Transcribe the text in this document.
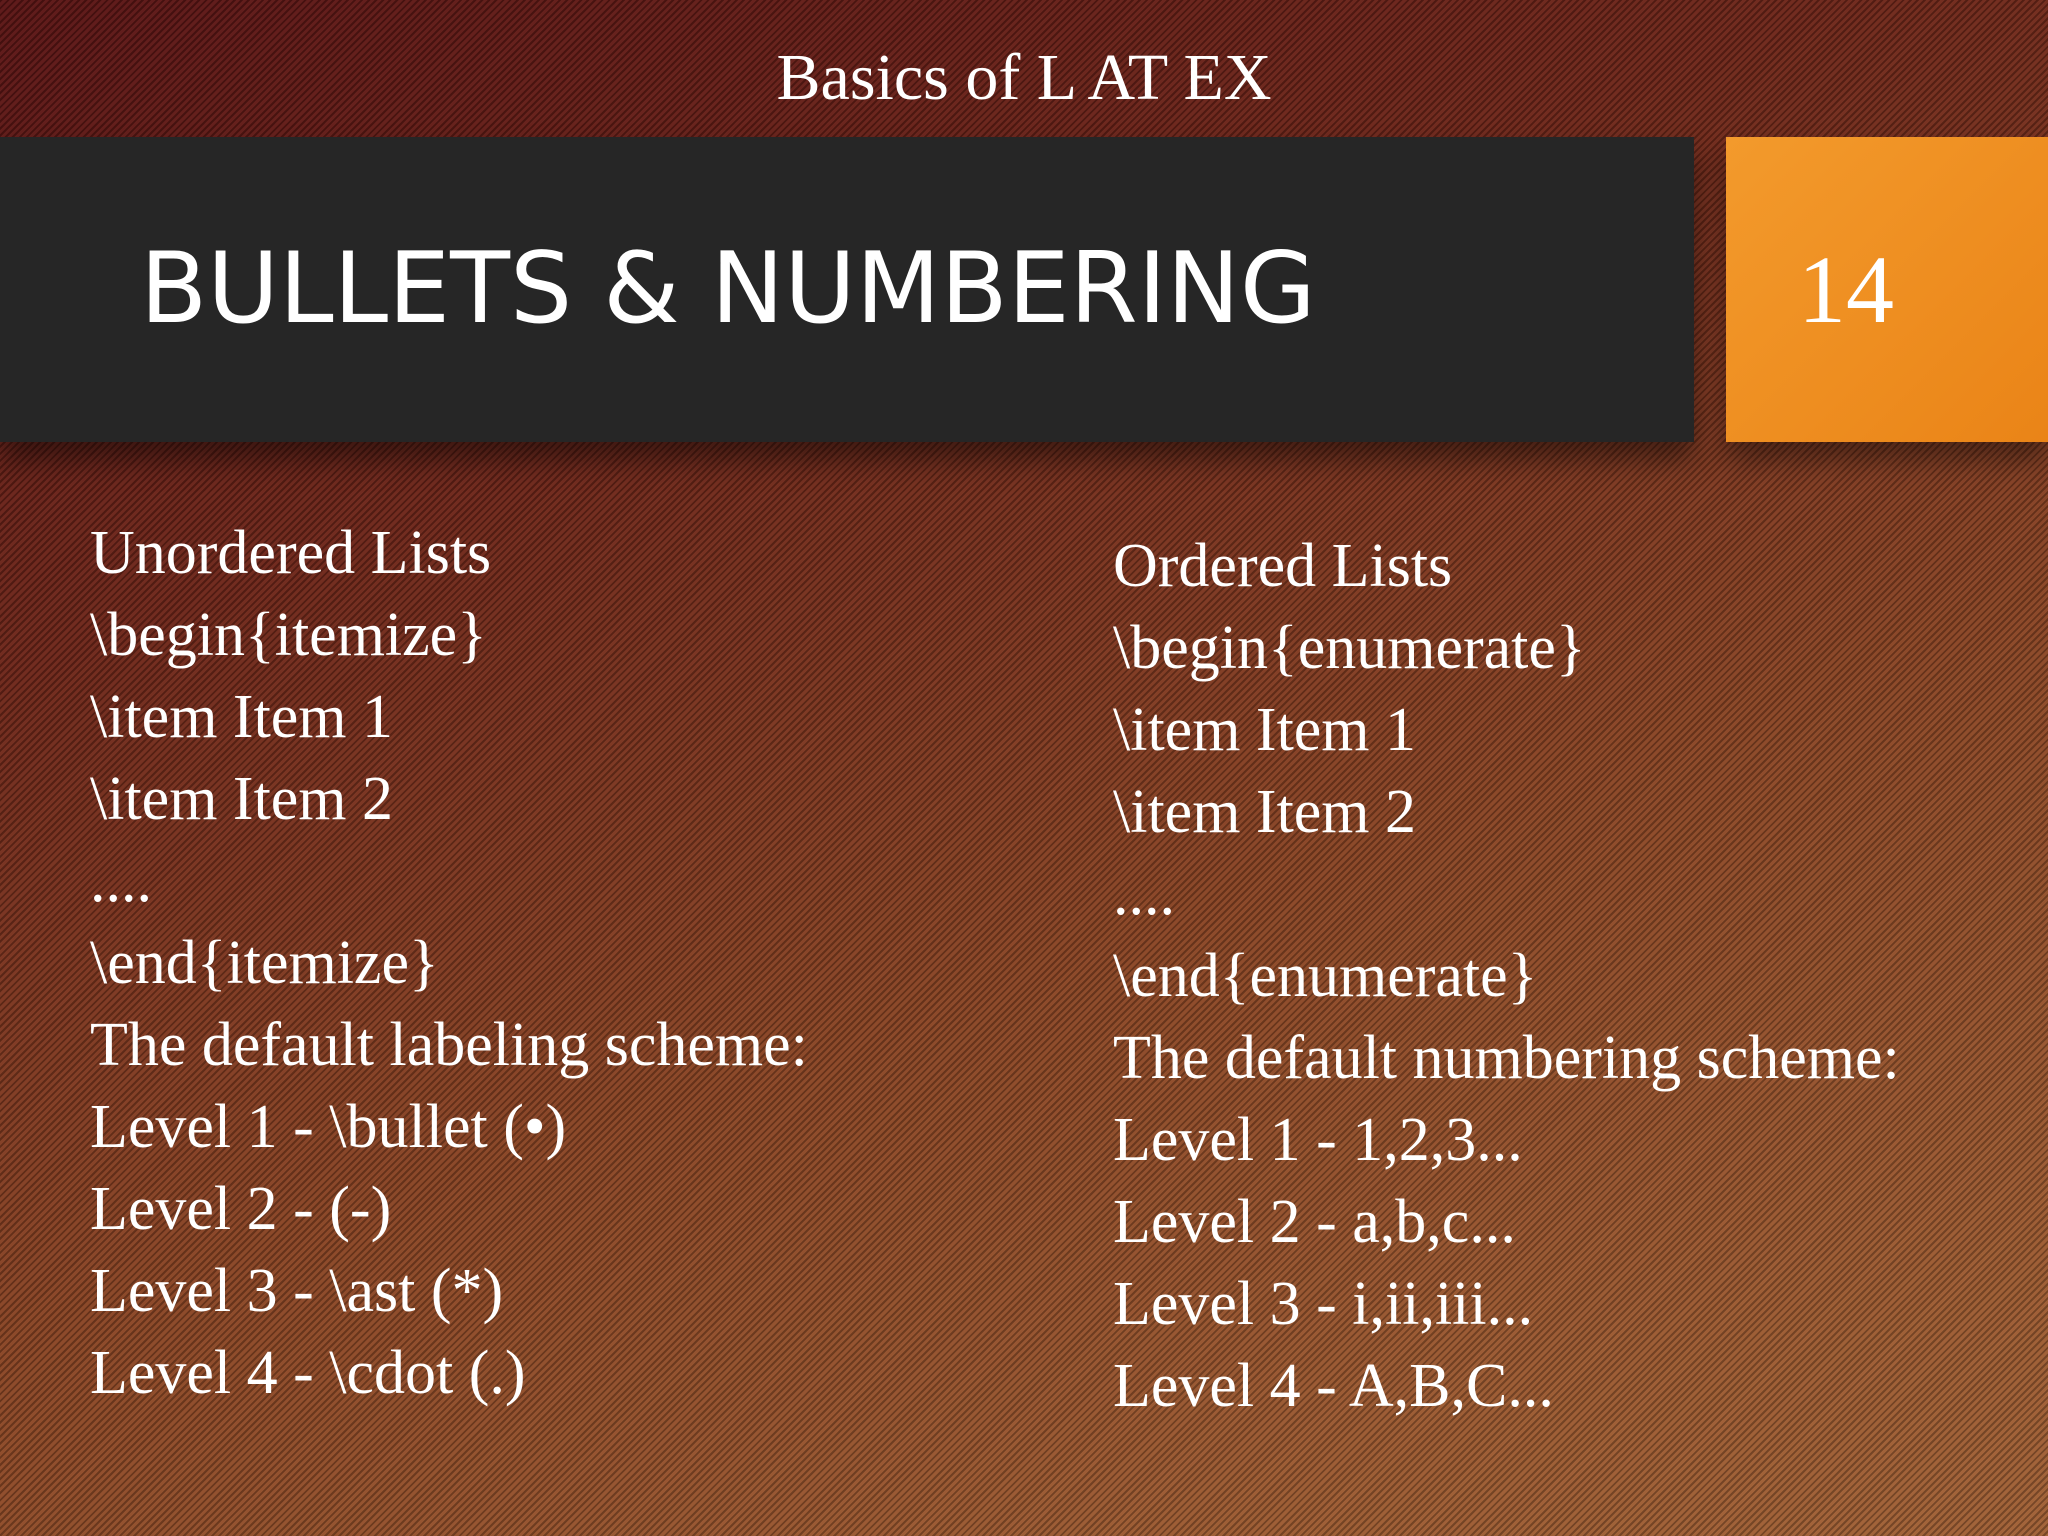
Basics of L AT EX
BULLETS & NUMBERING	14
Unordered Lists
\begin{itemize}
\item Item 1
\item Item 2
....
\end{itemize}
The default labeling scheme:
Level 1 - \bullet (•)
Level 2 - (-)
Level 3 - \ast (*)
Level 4 - \cdot (.)
Ordered Lists
\begin{enumerate}
\item Item 1
\item Item 2
....
\end{enumerate}
The default numbering scheme:
Level 1 - 1,2,3...
Level 2 - a,b,c...
Level 3 - i,ii,iii...
Level 4 - A,B,C...
